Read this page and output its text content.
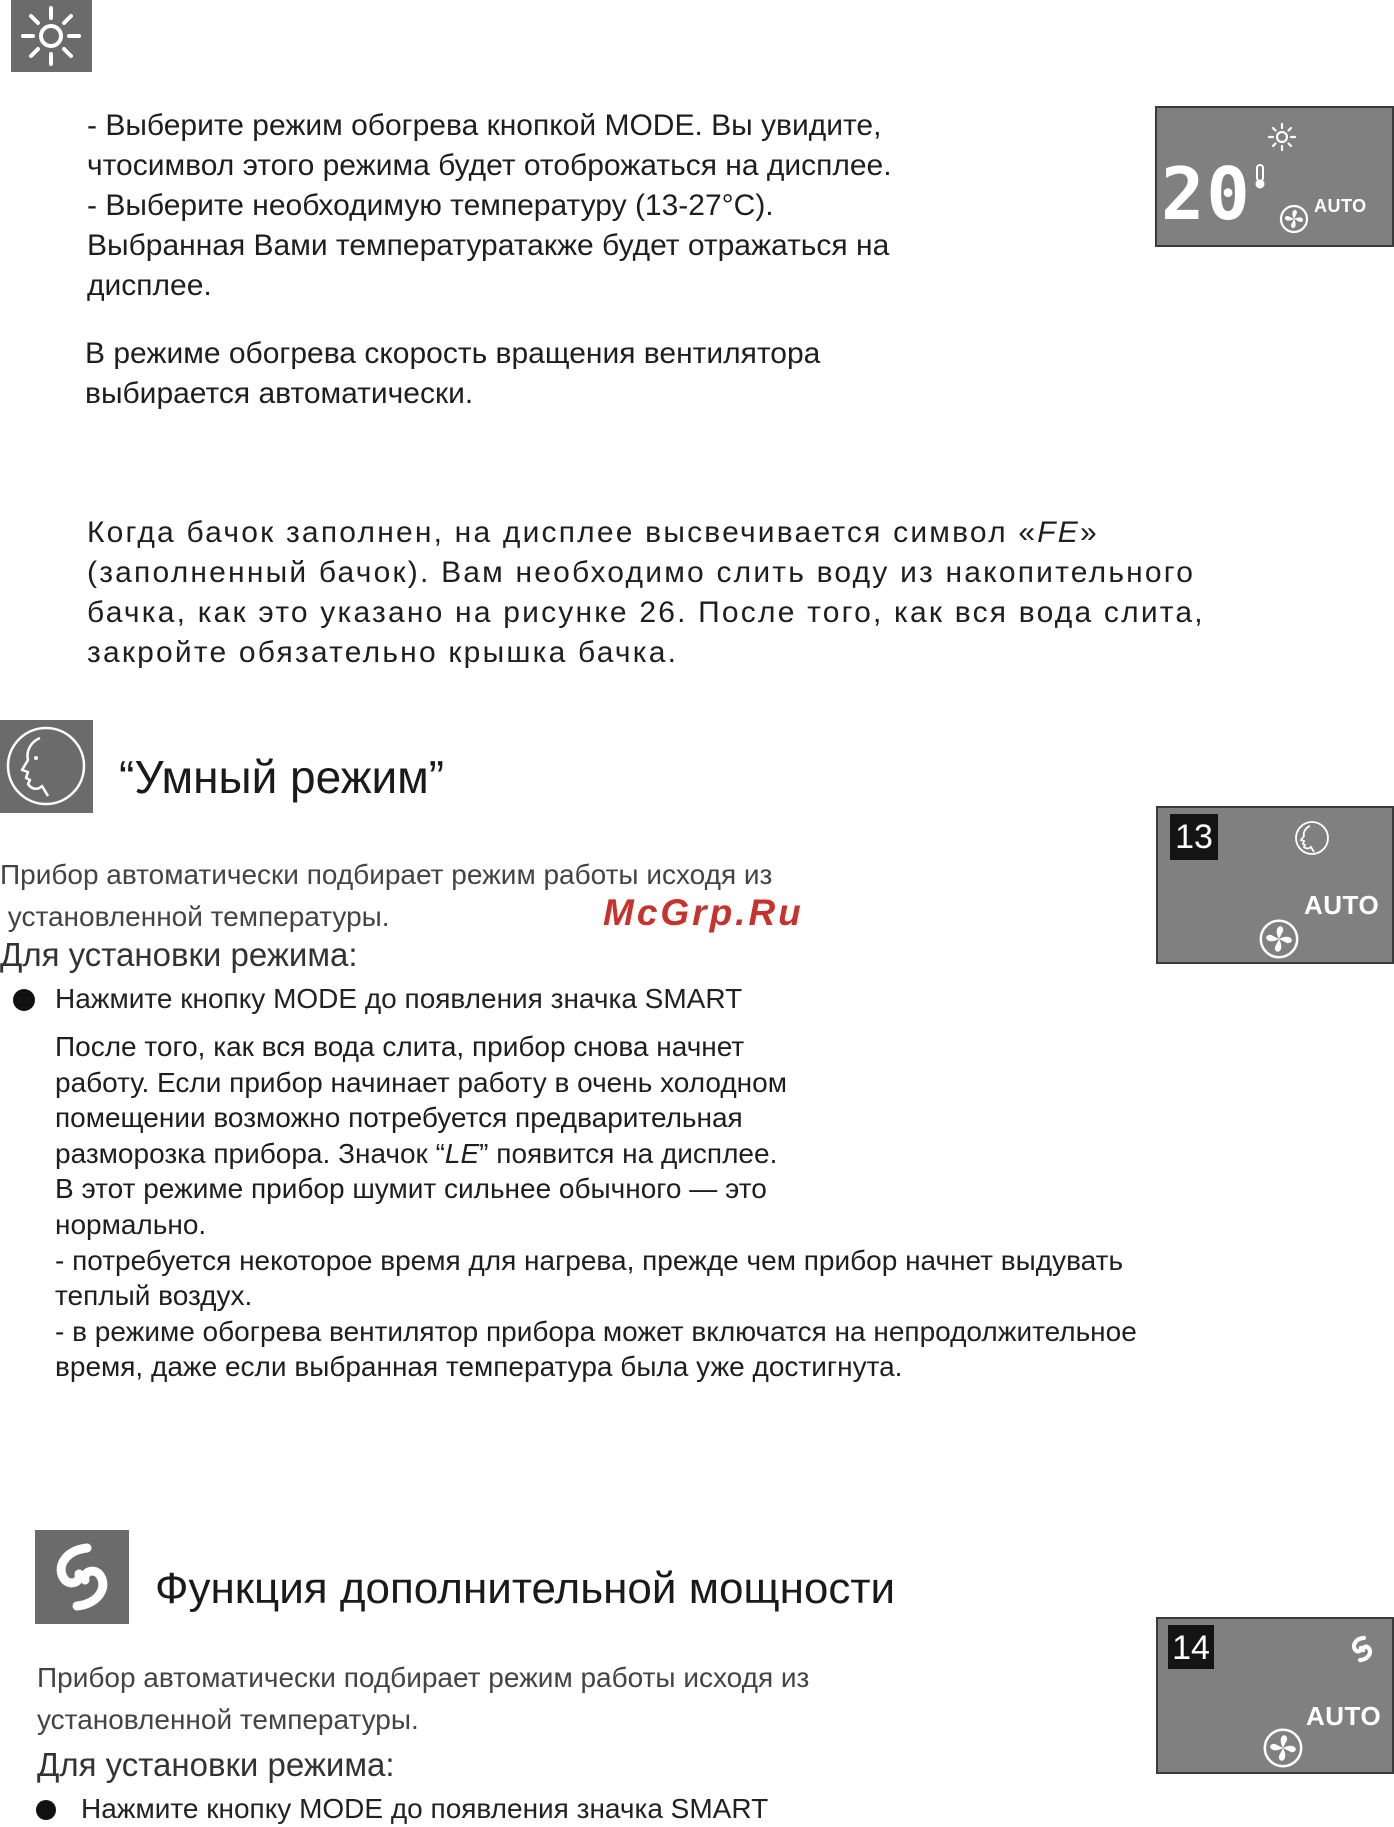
- Выберите режим обогрева кнопкой MODE. Вы увидите,
чтосимвол этого режима будет отоброжаться на дисплее.
- Выберите необходимую температуру (13-27°С).
Выбранная Вами температуратакже будет отражаться на
дисплее.
В режиме обогрева скорость вращения вентилятора
выбирается автоматически.
20	AUTO
Когда бачок заполнен, на дисплее высвечивается символ «FE»
(заполненный бачок). Вам необходимо слить воду из накопительного
бачка, как это указано на рисунке 26. После того, как вся вода слита,
закройте обязательно крышка бачка.
“Умный режим”
Прибор автоматически подбирает режим работы исходя из
установленной температуры.	McGrp.Ru
Для установки режима:
Нажмите кнопку MODE до появления значка SMART
После того, как вся вода слита, прибор снова начнет
работу. Если прибор начинает работу в очень холодном
помещении возможно потребуется предварительная
разморозка прибора. Значок “LE” появится на дисплее.
В этот режиме прибор шумит сильнее обычного — это
нормально.
- потребуется некоторое время для нагрева, прежде чем прибор начнет выдувать
теплый воздух.
- в режиме обогрева вентилятор прибора может включатся на непродолжительное
время, даже если выбранная температура была уже достигнута.
13
AUTO
Функция дополнительной мощности
Прибор автоматически подбирает режим работы исходя из
установленной температуры.
Для установки режима:
Нажмите кнопку MODE до появления значка SMART
14
AUTO
